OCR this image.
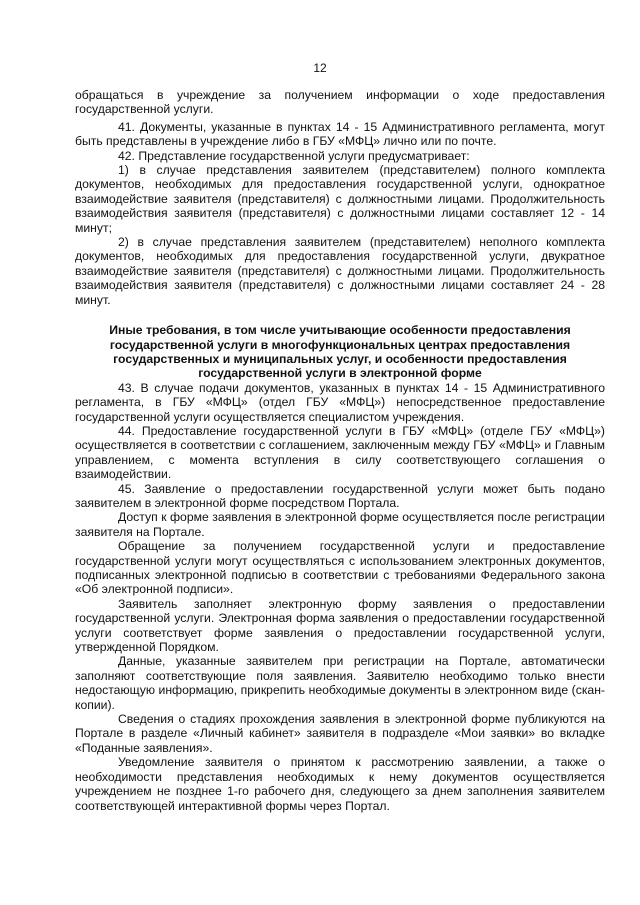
12

обращаться в учреждение за получением информации о ходе предоставления государственной услуги.

41. Документы, указанные в пунктах 14 - 15 Административного регламента, могут быть представлены в учреждение либо в ГБУ «МФЦ» лично или по почте.

42. Представление государственной услуги предусматривает:

1) в случае представления заявителем (представителем) полного комплекта документов, необходимых для предоставления государственной услуги, однократное взаимодействие заявителя (представителя) с должностными лицами. Продолжительность взаимодействия заявителя (представителя) с должностными лицами составляет 12 - 14 минут;

2) в случае представления заявителем (представителем) неполного комплекта документов, необходимых для предоставления государственной услуги, двукратное взаимодействие заявителя (представителя) с должностными лицами. Продолжительность взаимодействия заявителя (представителя) с должностными лицами составляет 24 - 28 минут.

Иные требования, в том числе учитывающие особенности предоставления
государственной услуги в многофункциональных центрах предоставления
государственных и муниципальных услуг, и особенности предоставления
государственной услуги в электронной форме

43. В случае подачи документов, указанных в пунктах 14 - 15 Административного регламента, в ГБУ «МФЦ» (отдел ГБУ «МФЦ») непосредственное предоставление государственной услуги осуществляется специалистом учреждения.

44. Предоставление государственной услуги в ГБУ «МФЦ» (отделе ГБУ «МФЦ») осуществляется в соответствии с соглашением, заключенным между ГБУ «МФЦ» и Главным управлением, с момента вступления в силу соответствующего соглашения о взаимодействии.

45. Заявление о предоставлении государственной услуги может быть подано заявителем в электронной форме посредством Портала.

Доступ к форме заявления в электронной форме осуществляется после регистрации заявителя на Портале.

Обращение за получением государственной услуги и предоставление государственной услуги могут осуществляться с использованием электронных документов, подписанных электронной подписью в соответствии с требованиями Федерального закона «Об электронной подписи».

Заявитель заполняет электронную форму заявления о предоставлении государственной услуги. Электронная форма заявления о предоставлении государственной услуги соответствует форме заявления о предоставлении государственной услуги, утвержденной Порядком.

Данные, указанные заявителем при регистрации на Портале, автоматически заполняют соответствующие поля заявления. Заявителю необходимо только внести недостающую информацию, прикрепить необходимые документы в электронном виде (скан-копии).

Сведения о стадиях прохождения заявления в электронной форме публикуются на Портале в разделе «Личный кабинет» заявителя в подразделе «Мои заявки» во вкладке «Поданные заявления».

Уведомление заявителя о принятом к рассмотрению заявлении, а также о необходимости представления необходимых к нему документов осуществляется учреждением не позднее 1-го рабочего дня, следующего за днем заполнения заявителем соответствующей интерактивной формы через Портал.
